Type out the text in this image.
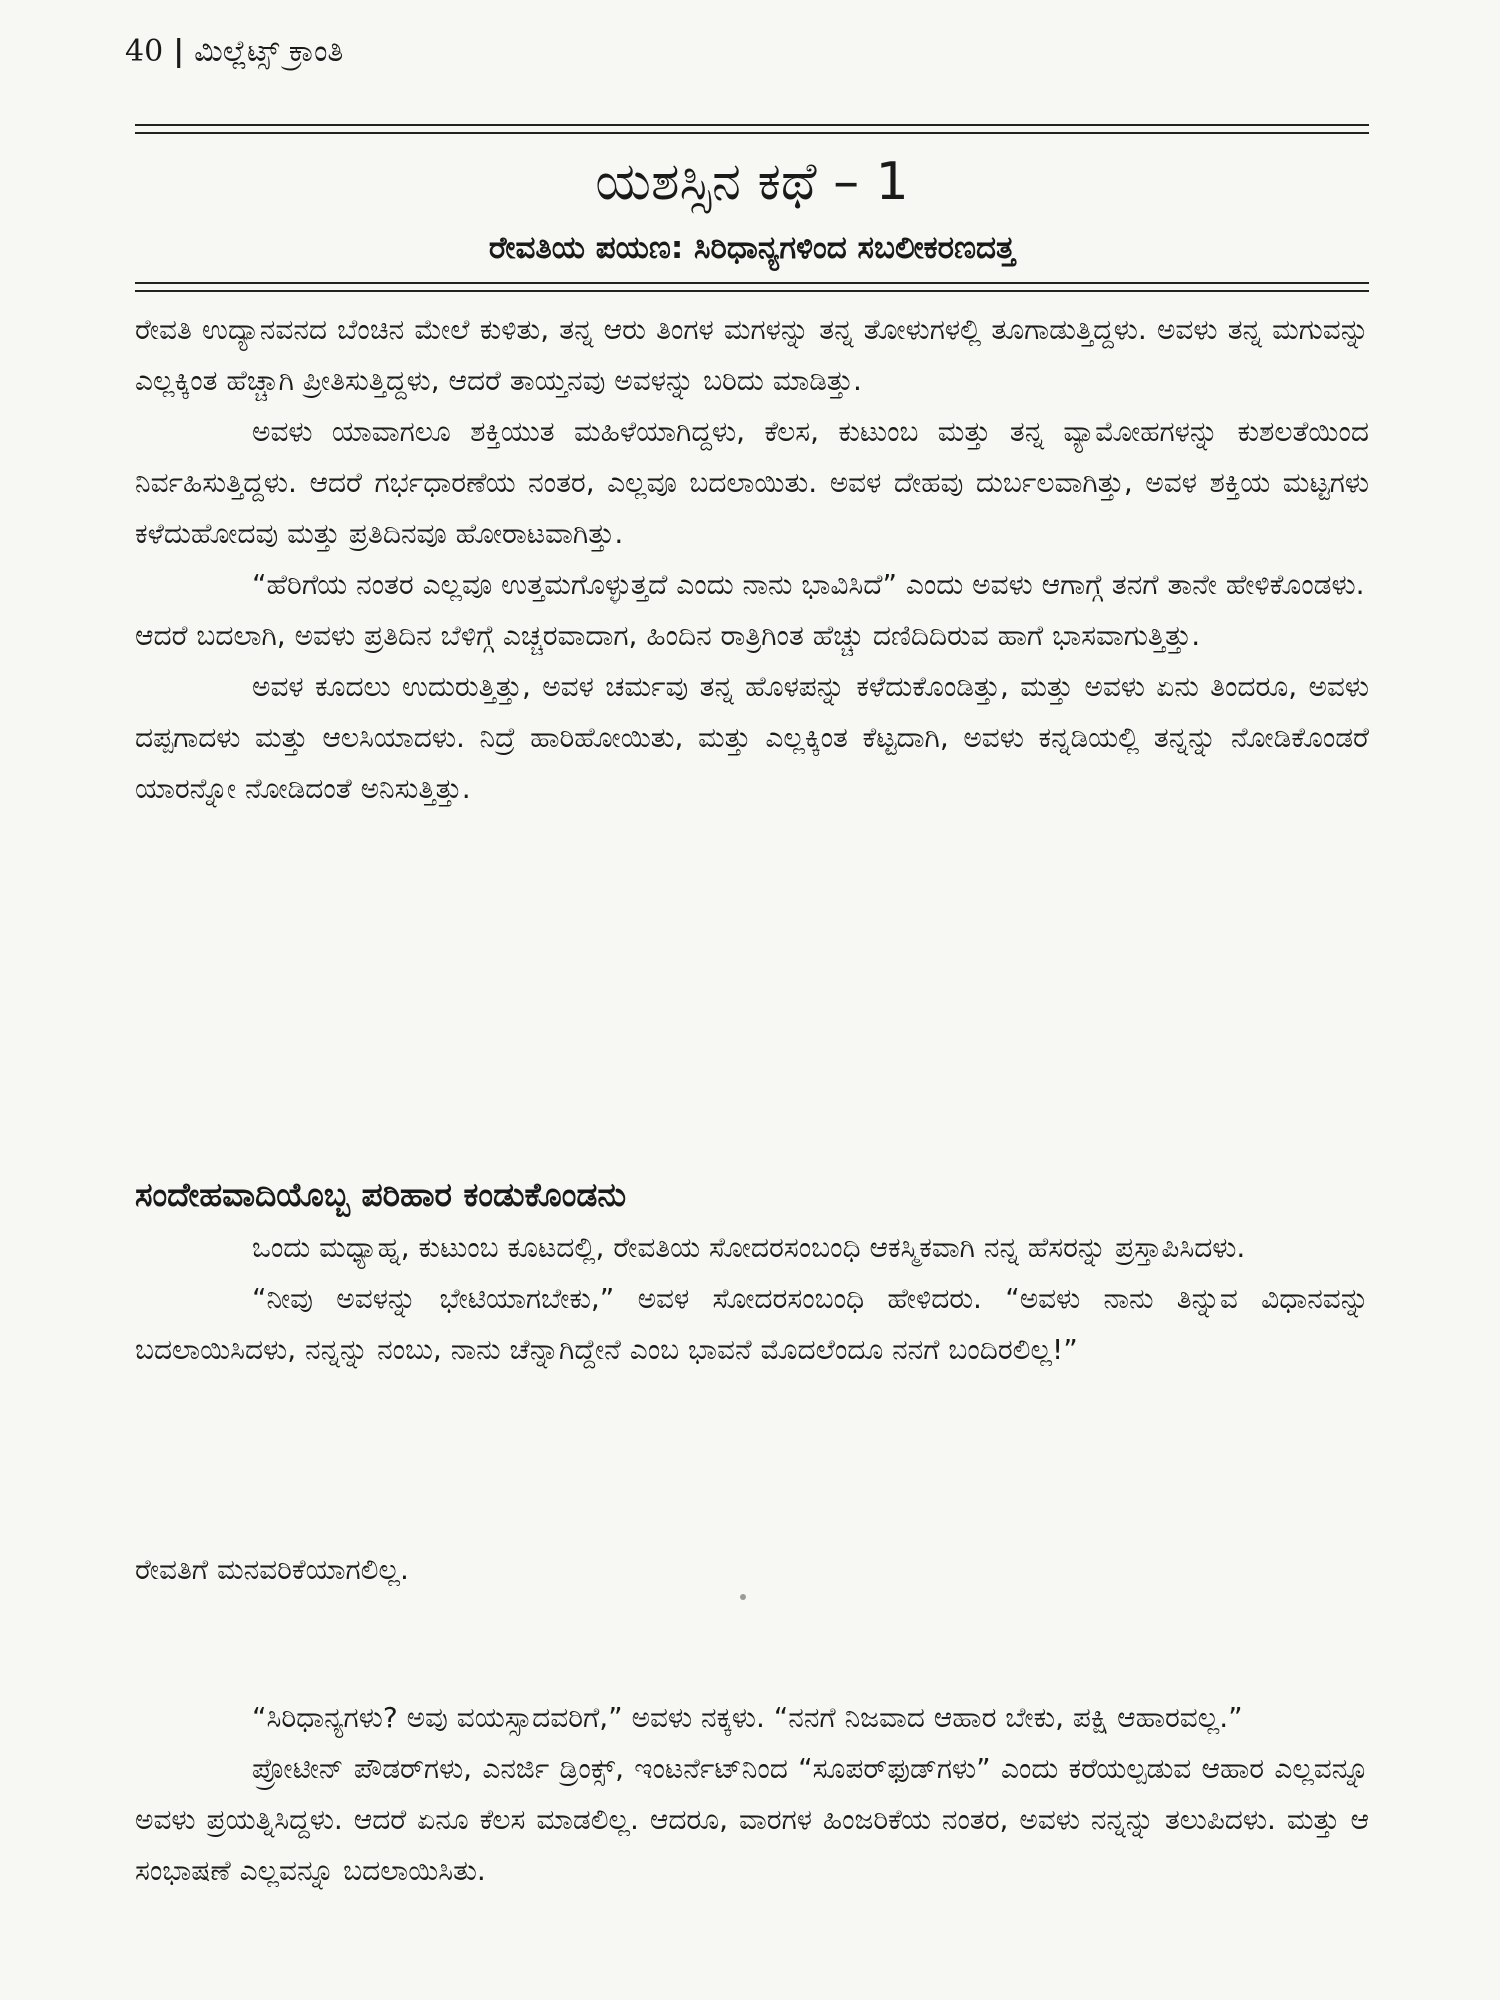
40 | ಮಿಲ್ಲೆಟ್ಸ್ ಕ್ರಾಂತಿ
ಯಶಸ್ಸಿನ ಕಥೆ – 1
ರೇವತಿಯ ಪಯಣ: ಸಿರಿಧಾನ್ಯಗಳಿಂದ ಸಬಲೀಕರಣದತ್ತ

ರೇವತಿ ಉದ್ಯಾನವನದ ಬೆಂಚಿನ ಮೇಲೆ ಕುಳಿತು, ತನ್ನ ಆರು ತಿಂಗಳ ಮಗಳನ್ನು ತನ್ನ ತೋಳುಗಳಲ್ಲಿ ತೂಗಾಡುತ್ತಿದ್ದಳು. ಅವಳು ತನ್ನ ಮಗುವನ್ನು ಎಲ್ಲಕ್ಕಿಂತ ಹೆಚ್ಚಾಗಿ ಪ್ರೀತಿಸುತ್ತಿದ್ದಳು, ಆದರೆ ತಾಯ್ತನವು ಅವಳನ್ನು ಬರಿದು ಮಾಡಿತ್ತು.

ಅವಳು ಯಾವಾಗಲೂ ಶಕ್ತಿಯುತ ಮಹಿಳೆಯಾಗಿದ್ದಳು, ಕೆಲಸ, ಕುಟುಂಬ ಮತ್ತು ತನ್ನ ವ್ಯಾಮೋಹಗಳನ್ನು ಕುಶಲತೆಯಿಂದ ನಿರ್ವಹಿಸುತ್ತಿದ್ದಳು. ಆದರೆ ಗರ್ಭಧಾರಣೆಯ ನಂತರ, ಎಲ್ಲವೂ ಬದಲಾಯಿತು. ಅವಳ ದೇಹವು ದುರ್ಬಲವಾಗಿತ್ತು, ಅವಳ ಶಕ್ತಿಯ ಮಟ್ಟಗಳು ಕಳೆದುಹೋದವು ಮತ್ತು ಪ್ರತಿದಿನವೂ ಹೋರಾಟವಾಗಿತ್ತು.

“ಹೆರಿಗೆಯ ನಂತರ ಎಲ್ಲವೂ ಉತ್ತಮಗೊಳ್ಳುತ್ತದೆ ಎಂದು ನಾನು ಭಾವಿಸಿದೆ” ಎಂದು ಅವಳು ಆಗಾಗ್ಗೆ ತನಗೆ ತಾನೇ ಹೇಳಿಕೊಂಡಳು.

ಆದರೆ ಬದಲಾಗಿ, ಅವಳು ಪ್ರತಿದಿನ ಬೆಳಿಗ್ಗೆ ಎಚ್ಚರವಾದಾಗ, ಹಿಂದಿನ ರಾತ್ರಿಗಿಂತ ಹೆಚ್ಚು ದಣಿದಿದಿರುವ ಹಾಗೆ ಭಾಸವಾಗುತ್ತಿತ್ತು.

ಅವಳ ಕೂದಲು ಉದುರುತ್ತಿತ್ತು, ಅವಳ ಚರ್ಮವು ತನ್ನ ಹೊಳಪನ್ನು ಕಳೆದುಕೊಂಡಿತ್ತು, ಮತ್ತು ಅವಳು ಏನು ತಿಂದರೂ, ಅವಳು ದಪ್ಪಗಾದಳು ಮತ್ತು ಆಲಸಿಯಾದಳು. ನಿದ್ರೆ ಹಾರಿಹೋಯಿತು, ಮತ್ತು ಎಲ್ಲಕ್ಕಿಂತ ಕೆಟ್ಟದಾಗಿ, ಅವಳು ಕನ್ನಡಿಯಲ್ಲಿ ತನ್ನನ್ನು ನೋಡಿಕೊಂಡರೆ ಯಾರನ್ನೋ ನೋಡಿದಂತೆ ಅನಿಸುತ್ತಿತ್ತು.

ಸಂದೇಹವಾದಿಯೊಬ್ಬ ಪರಿಹಾರ ಕಂಡುಕೊಂಡನು

ಒಂದು ಮಧ್ಯಾಹ್ನ, ಕುಟುಂಬ ಕೂಟದಲ್ಲಿ, ರೇವತಿಯ ಸೋದರಸಂಬಂಧಿ ಆಕಸ್ಮಿಕವಾಗಿ ನನ್ನ ಹೆಸರನ್ನು ಪ್ರಸ್ತಾಪಿಸಿದಳು.

“ನೀವು ಅವಳನ್ನು ಭೇಟಿಯಾಗಬೇಕು,” ಅವಳ ಸೋದರಸಂಬಂಧಿ ಹೇಳಿದರು. “ಅವಳು ನಾನು ತಿನ್ನುವ ವಿಧಾನವನ್ನು ಬದಲಾಯಿಸಿದಳು, ನನ್ನನ್ನು ನಂಬು, ನಾನು ಚೆನ್ನಾಗಿದ್ದೇನೆ ಎಂಬ ಭಾವನೆ ಮೊದಲೆಂದೂ ನನಗೆ ಬಂದಿರಲಿಲ್ಲ!”

ರೇವತಿಗೆ ಮನವರಿಕೆಯಾಗಲಿಲ್ಲ.

“ಸಿರಿಧಾನ್ಯಗಳು? ಅವು ವಯಸ್ಸಾದವರಿಗೆ,” ಅವಳು ನಕ್ಕಳು. “ನನಗೆ ನಿಜವಾದ ಆಹಾರ ಬೇಕು, ಪಕ್ಷಿ ಆಹಾರವಲ್ಲ.”

ಪ್ರೋಟೀನ್ ಪೌಡರ್‌ಗಳು, ಎನರ್ಜಿ ಡ್ರಿಂಕ್ಸ್, ಇಂಟರ್ನೆಟ್‌ನಿಂದ “ಸೂಪರ್‌ಫುಡ್‌ಗಳು” ಎಂದು ಕರೆಯಲ್ಪಡುವ ಆಹಾರ ಎಲ್ಲವನ್ನೂ ಅವಳು ಪ್ರಯತ್ನಿಸಿದ್ದಳು. ಆದರೆ ಏನೂ ಕೆಲಸ ಮಾಡಲಿಲ್ಲ. ಆದರೂ, ವಾರಗಳ ಹಿಂಜರಿಕೆಯ ನಂತರ, ಅವಳು ನನ್ನನ್ನು ತಲುಪಿದಳು. ಮತ್ತು ಆ ಸಂಭಾಷಣೆ ಎಲ್ಲವನ್ನೂ ಬದಲಾಯಿಸಿತು.
